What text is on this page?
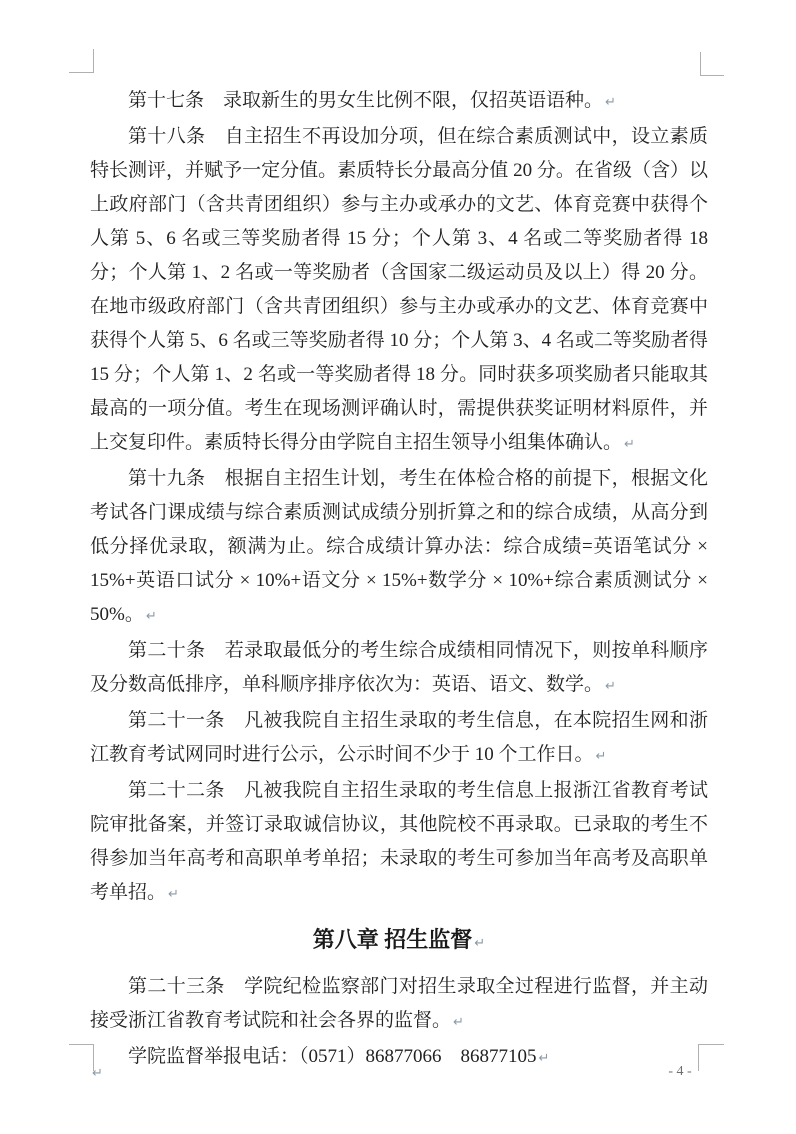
第十七条　录取新生的男女生比例不限，仅招英语语种。 ↵

第十八条　自主招生不再设加分项，但在综合素质测试中，设立素质特长测评，并赋予一定分值。素质特长分最高分值 20 分。在省级（含）以上政府部门（含共青团组织）参与主办或承办的文艺、体育竞赛中获得个人第 5、6 名或三等奖励者得 15 分；个人第 3、4 名或二等奖励者得 18 分；个人第 1、2 名或一等奖励者（含国家二级运动员及以上）得 20 分。在地市级政府部门（含共青团组织）参与主办或承办的文艺、体育竞赛中获得个人第 5、6 名或三等奖励者得 10 分；个人第 3、4 名或二等奖励者得 15 分；个人第 1、2 名或一等奖励者得 18 分。同时获多项奖励者只能取其最高的一项分值。考生在现场测评确认时，需提供获奖证明材料原件，并上交复印件。素质特长得分由学院自主招生领导小组集体确认。 ↵

第十九条　根据自主招生计划，考生在体检合格的前提下，根据文化考试各门课成绩与综合素质测试成绩分别折算之和的综合成绩，从高分到低分择优录取，额满为止。综合成绩计算办法：综合成绩=英语笔试分 × 15%+英语口试分 × 10%+语文分 × 15%+数学分 × 10%+综合素质测试分 × 50%。 ↵

第二十条　若录取最低分的考生综合成绩相同情况下，则按单科顺序及分数高低排序，单科顺序排序依次为：英语、语文、数学。 ↵

第二十一条　凡被我院自主招生录取的考生信息，在本院招生网和浙江教育考试网同时进行公示，公示时间不少于 10 个工作日。 ↵

第二十二条　凡被我院自主招生录取的考生信息上报浙江省教育考试院审批备案，并签订录取诚信协议，其他院校不再录取。已录取的考生不得参加当年高考和高职单考单招；未录取的考生可参加当年高考及高职单考单招。 ↵

第八章 招生监督 ↵

第二十三条　学院纪检监察部门对招生录取全过程进行监督，并主动接受浙江省教育考试院和社会各界的监督。 ↵

学院监督举报电话：（0571）86877066　86877105 ↵

↵	- 4 -
